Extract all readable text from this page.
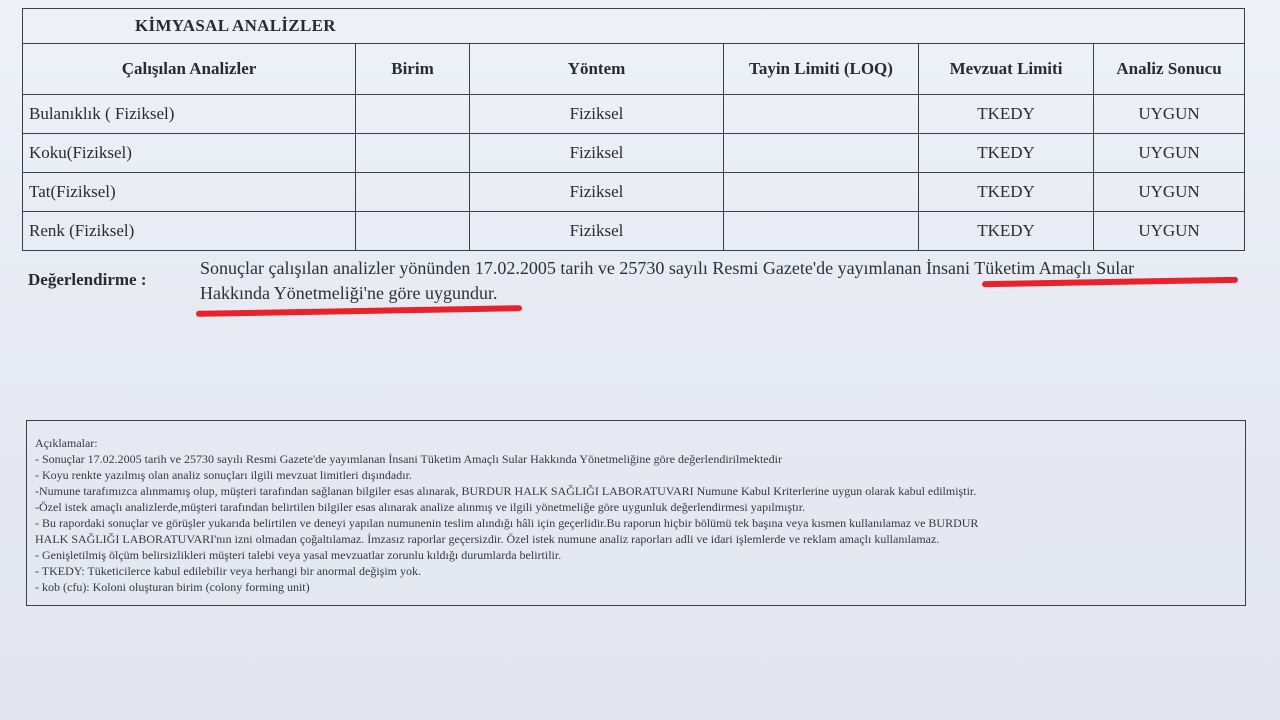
KİMYASAL ANALİZLER					
Çalışılan Analizler	Birim	Yöntem	Tayin Limiti (LOQ)	Mevzuat Limiti	Analiz Sonucu
Bulanıklık ( Fiziksel)		Fiziksel		TKEDY	UYGUN
Koku(Fiziksel)		Fiziksel		TKEDY	UYGUN
Tat(Fiziksel)		Fiziksel		TKEDY	UYGUN
Renk (Fiziksel)		Fiziksel		TKEDY	UYGUN
Değerlendirme :
Sonuçlar çalışılan analizler yönünden 17.02.2005 tarih ve 25730 sayılı Resmi Gazete'de yayımlanan İnsani Tüketim Amaçlı Sular
Hakkında Yönetmeliği'ne göre uygundur.
Açıklamalar:
- Sonuçlar 17.02.2005 tarih ve 25730 sayılı Resmi Gazete'de yayımlanan İnsani Tüketim Amaçlı Sular Hakkında Yönetmeliğine göre değerlendirilmektedir
- Koyu renkte yazılmış olan analiz sonuçları ilgili mevzuat limitleri dışındadır.
-Numune tarafımızca alınmamış olup, müşteri tarafından sağlanan bilgiler esas alınarak, BURDUR HALK SAĞLIĞI LABORATUVARI Numune Kabul Kriterlerine uygun olarak kabul edilmiştir.
-Özel istek amaçlı analizlerde,müşteri tarafından belirtilen bilgiler esas alınarak analize alınmış ve ilgili yönetmeliğe göre uygunluk değerlendirmesi yapılmıştır.
- Bu rapordaki sonuçlar ve görüşler yukarıda belirtilen ve deneyi yapılan numunenin teslim alındığı hâli için geçerlidir.Bu raporun hiçbir bölümü tek başına veya kısmen kullanılamaz ve BURDUR
HALK SAĞLIĞI LABORATUVARI'nın izni olmadan çoğaltılamaz. İmzasız raporlar geçersizdir. Özel istek numune analiz raporları adli ve idari işlemlerde ve reklam amaçlı kullanılamaz.
- Genişletilmiş ölçüm belirsizlikleri müşteri talebi veya yasal mevzuatlar zorunlu kıldığı durumlarda belirtilir.
- TKEDY: Tüketicilerce kabul edilebilir veya herhangi bir anormal değişim yok.
- kob (cfu): Koloni oluşturan birim (colony forming unit)
